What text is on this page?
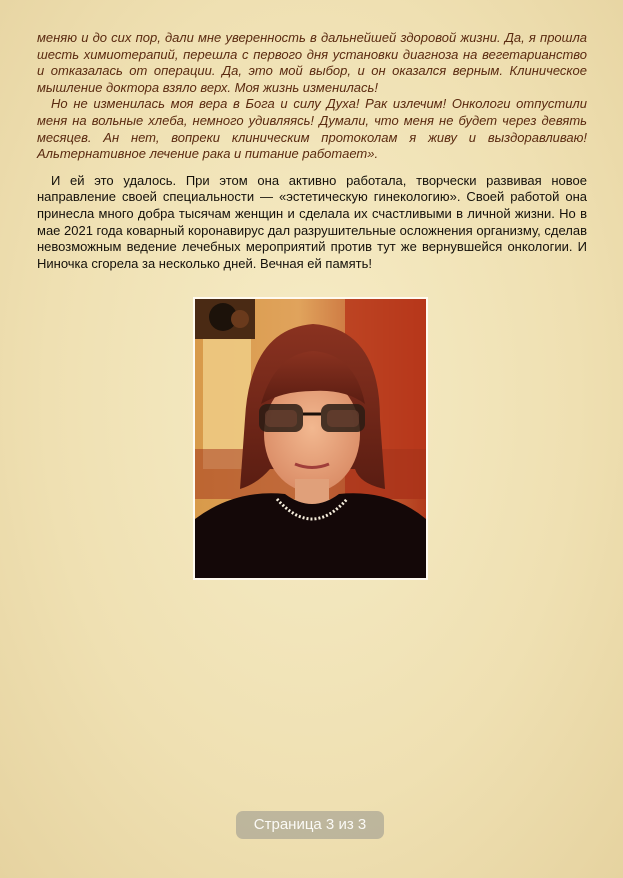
меняю и до сих пор, дали мне уверенность в дальнейшей здоровой жизни. Да, я прошла шесть химиотерапий, перешла с первого дня установки диагноза на вегетарианство и отказалась от операции. Да, это мой выбор, и он оказался верным. Клиническое мышление доктора взяло верх. Моя жизнь изменилась!

Но не изменилась моя вера в Бога и силу Духа! Рак излечим! Онкологи отпустили меня на вольные хлеба, немного удивляясь! Думали, что меня не будет через девять месяцев. Ан нет, вопреки клиническим протоколам я живу и выздоравливаю! Альтернативное лечение рака и питание работает».

И ей это удалось. При этом она активно работала, творчески развивая новое направление своей специальности — «эстетическую гинекологию». Своей работой она принесла много добра тысячам женщин и сделала их счастливыми в личной жизни. Но в мае 2021 года коварный коронавирус дал разрушительные осложнения организму, сделав невозможным ведение лечебных мероприятий против тут же вернувшейся онкологии. И Ниночка сгорела за несколько дней. Вечная ей память!

Страница 3 из 3
